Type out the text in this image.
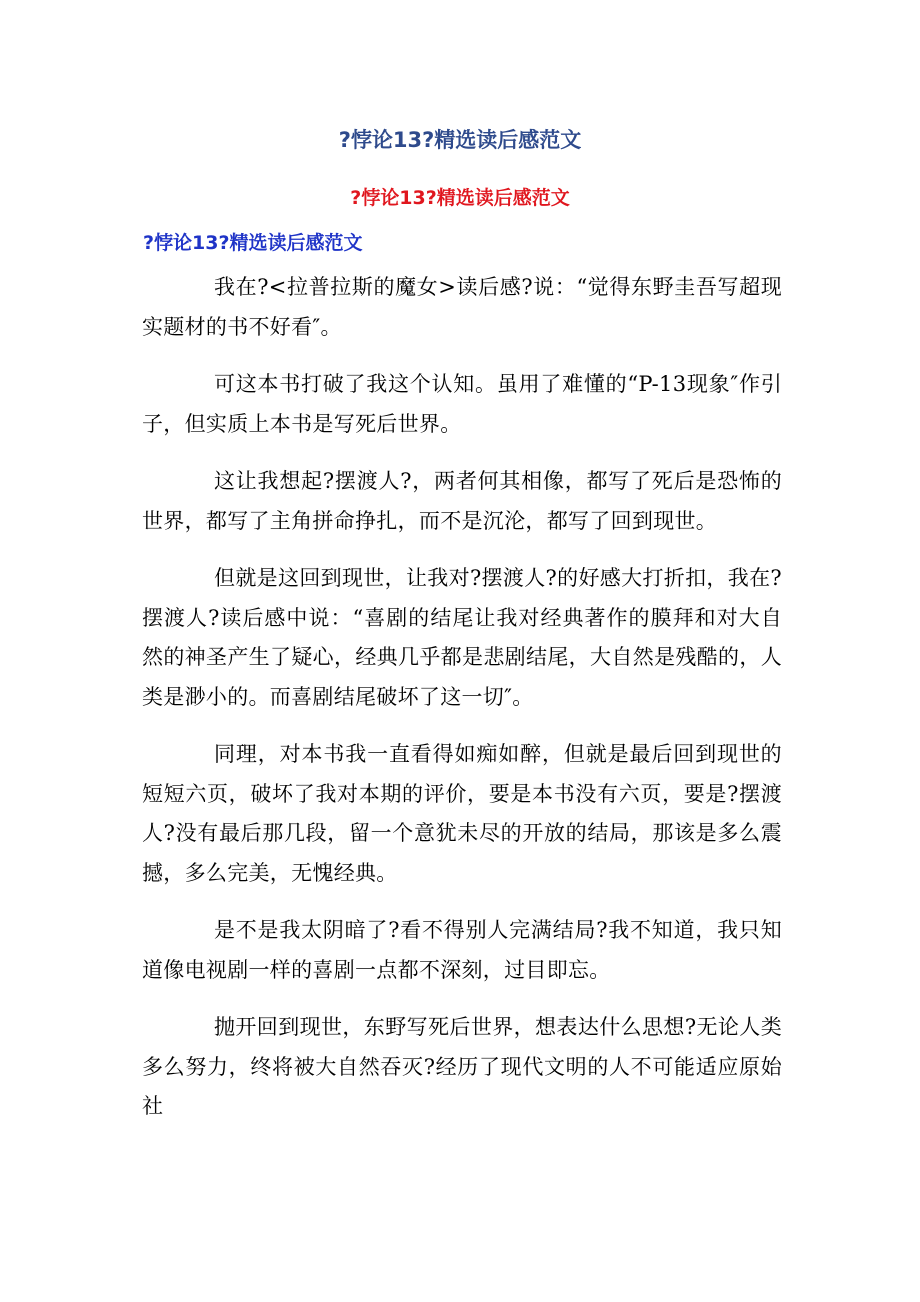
?悖论13?精选读后感范文
?悖论13?精选读后感范文
?悖论13?精选读后感范文

我在?<拉普拉斯的魔女>读后感?说：“觉得东野圭吾写超现实题材的书不好看″。

可这本书打破了我这个认知。虽用了难懂的“P-13现象″作引子，但实质上本书是写死后世界。

这让我想起?摆渡人?，两者何其相像，都写了死后是恐怖的世界，都写了主角拼命挣扎，而不是沉沦，都写了回到现世。

但就是这回到现世，让我对?摆渡人?的好感大打折扣，我在?摆渡人?读后感中说：“喜剧的结尾让我对经典著作的膜拜和对大自然的神圣产生了疑心，经典几乎都是悲剧结尾，大自然是残酷的，人类是渺小的。而喜剧结尾破坏了这一切″。

同理，对本书我一直看得如痴如醉，但就是最后回到现世的短短六页，破坏了我对本期的评价，要是本书没有六页，要是?摆渡人?没有最后那几段，留一个意犹未尽的开放的结局，那该是多么震撼，多么完美，无愧经典。

是不是我太阴暗了?看不得别人完满结局?我不知道，我只知道像电视剧一样的喜剧一点都不深刻，过目即忘。

抛开回到现世，东野写死后世界，想表达什么思想?无论人类多么努力，终将被大自然吞灭?经历了现代文明的人不可能适应原始社
